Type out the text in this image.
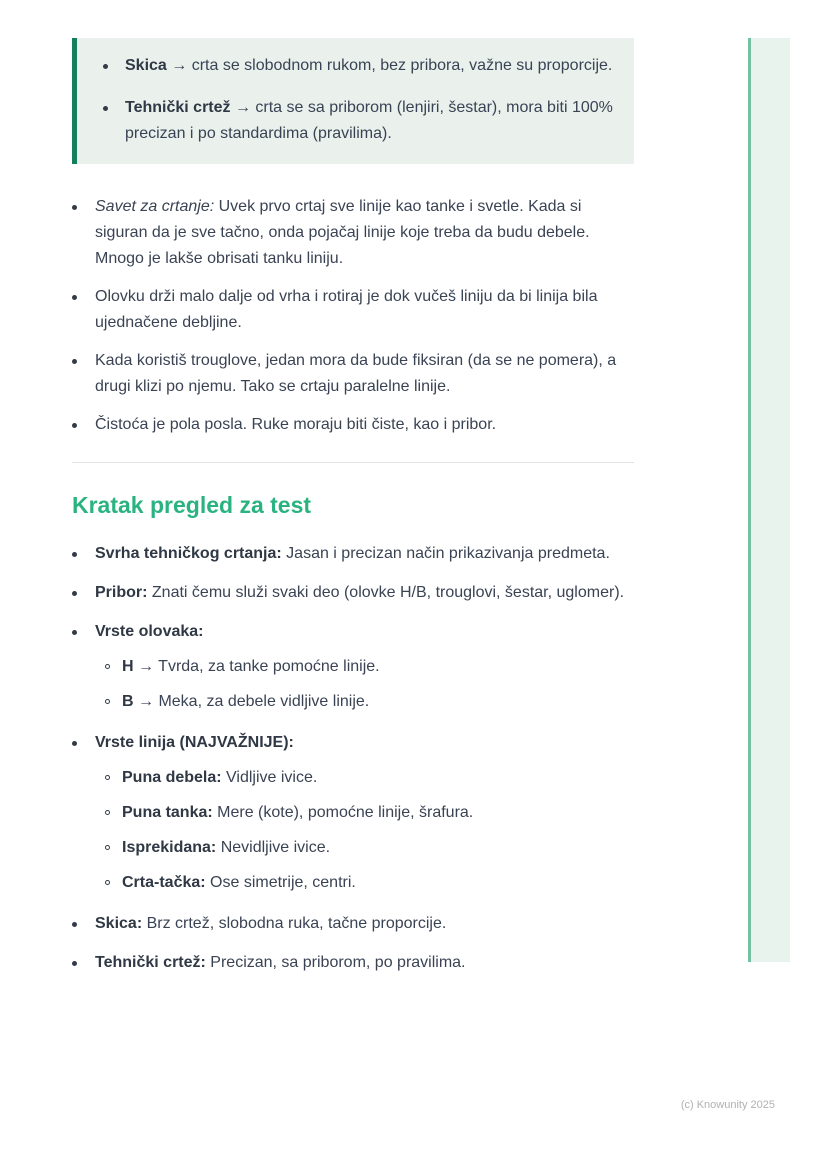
Skica → crta se slobodnom rukom, bez pribora, važne su proporcije.
Tehnički crtež → crta se sa priborom (lenjiri, šestar), mora biti 100% precizan i po standardima (pravilima).
Savet za crtanje: Uvek prvo crtaj sve linije kao tanke i svetle. Kada si siguran da je sve tačno, onda pojačaj linije koje treba da budu debele. Mnogo je lakše obrisati tanku liniju.
Olovku drži malo dalje od vrha i rotiraj je dok vučeš liniju da bi linija bila ujednačene debljine.
Kada koristiš trouglove, jedan mora da bude fiksiran (da se ne pomera), a drugi klizi po njemu. Tako se crtaju paralelne linije.
Čistoća je pola posla. Ruke moraju biti čiste, kao i pribor.
Kratak pregled za test
Svrha tehničkog crtanja: Jasan i precizan način prikazivanja predmeta.
Pribor: Znati čemu služi svaki deo (olovke H/B, trouglovi, šestar, uglomer).
Vrste olovaka:
H → Tvrda, za tanke pomoćne linije.
B → Meka, za debele vidljive linije.
Vrste linija (NAJVAŽNIJE):
Puna debela: Vidljive ivice.
Puna tanka: Mere (kote), pomoćne linije, šrafura.
Isprekidana: Nevidljive ivice.
Crta-tačka: Ose simetrije, centri.
Skica: Brz crtež, slobodna ruka, tačne proporcije.
Tehnički crtež: Precizan, sa priborom, po pravilima.
(c) Knowunity 2025
